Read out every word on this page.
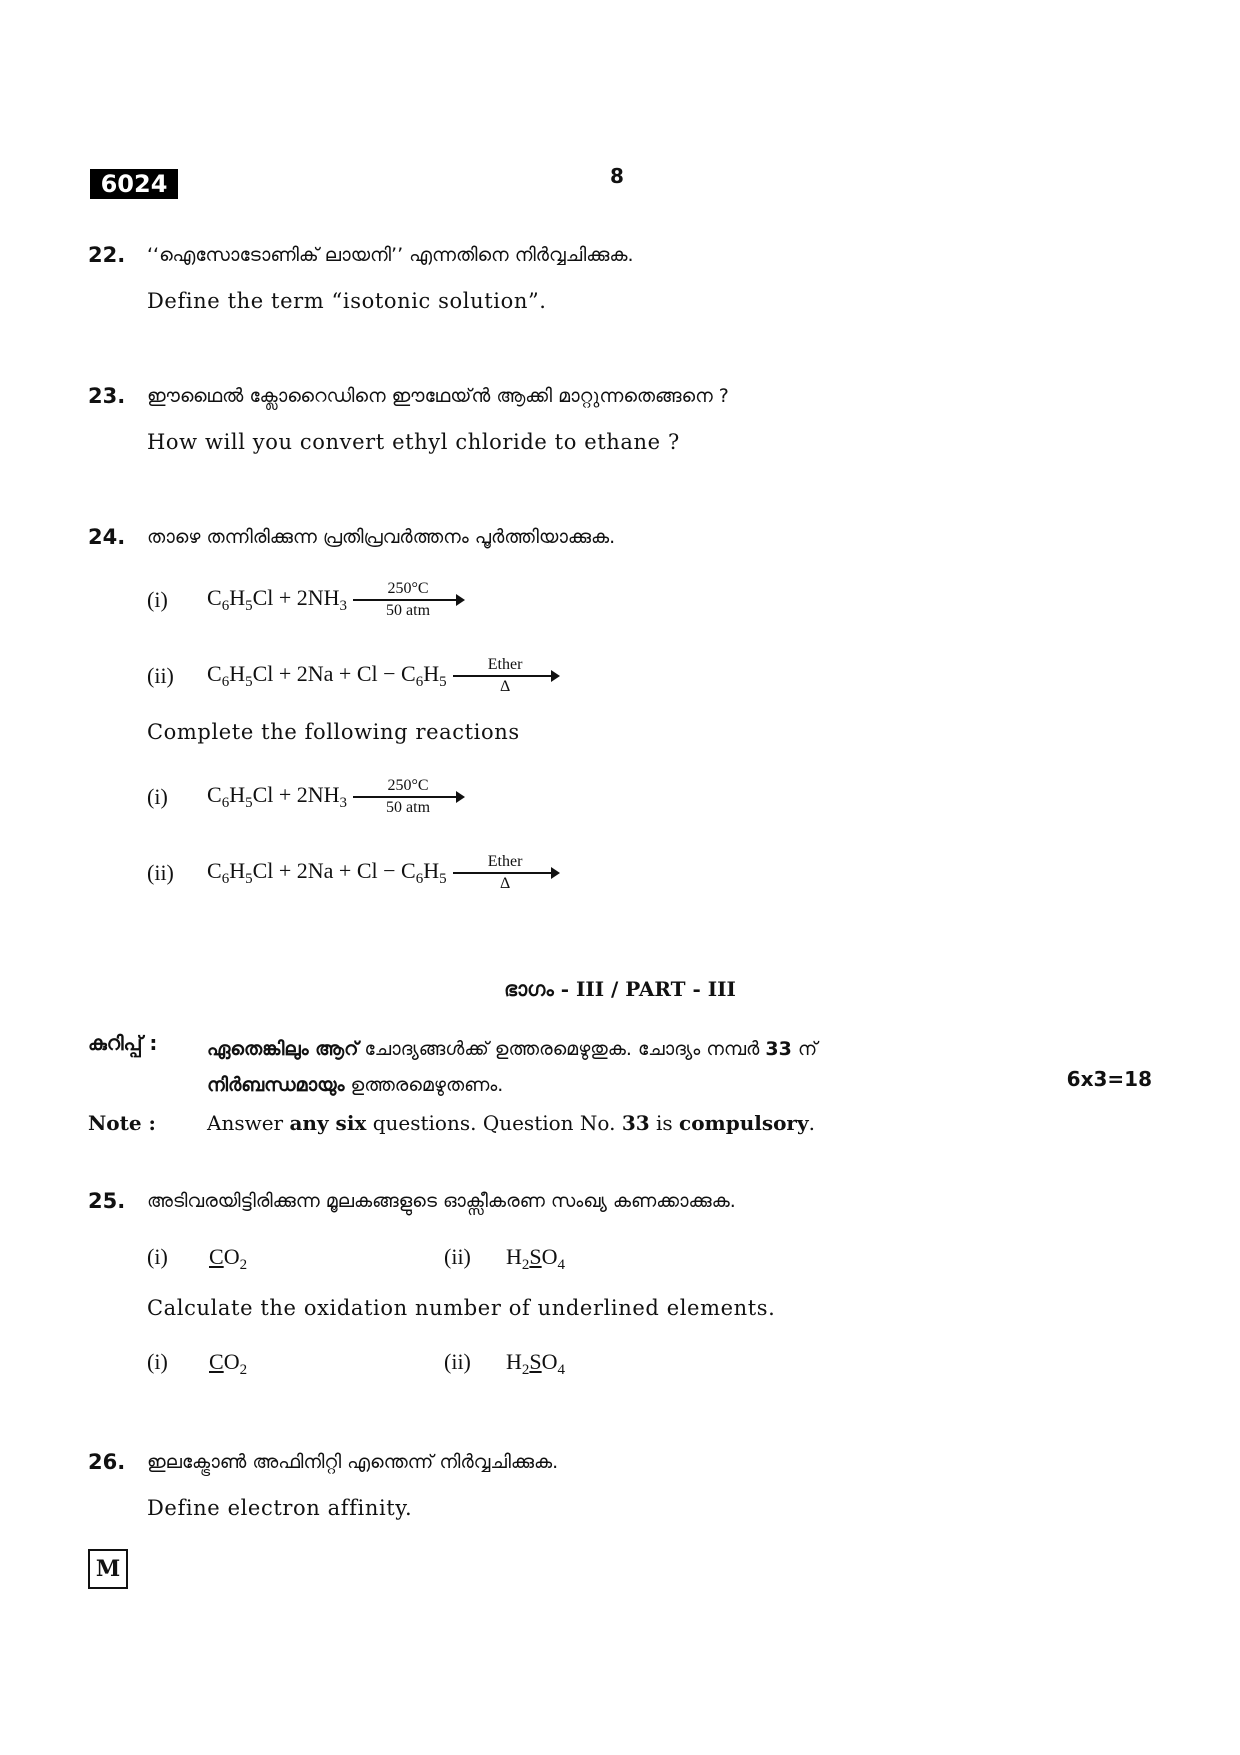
6024	8
22. ‘‘ഐസോടോണിക് ലായനി’’ എന്നതിനെ നിർവ്വചിക്കുക.
Define the term “isotonic solution”.
23. ഈഥൈൽ ക്ലോറൈഡിനെ ഈഥേയ്ൻ ആക്കി മാറ്റുന്നതെങ്ങനെ ?
How will you convert ethyl chloride to ethane ?
24. താഴെ തന്നിരിക്കുന്ന പ്രതിപ്രവർത്തനം പൂർത്തിയാക്കുക.
(i)	$C_6H_5Cl + 2NH_3$
250°C
50 atm
(ii)	$C_6H_5Cl + 2Na + Cl - C_6H_5$
Ether
Δ
Complete the following reactions
(i)	$C_6H_5Cl + 2NH_3$
250°C
50 atm
(ii)	$C_6H_5Cl + 2Na + Cl - C_6H_5$
Ether
Δ
ഭാഗം - III / PART - III
കുറിപ്പ് :	ഏതെങ്കിലും ആറ് ചോദ്യങ്ങൾക്ക് ഉത്തരമെഴുതുക. ചോദ്യം നമ്പർ 33 ന്
നിർബന്ധമായും ഉത്തരമെഴുതണം.	6x3=18
Note :	Answer any six questions. Question No. 33 is compulsory.
25. അടിവരയിട്ടിരിക്കുന്ന മൂലകങ്ങളുടെ ഓക്സീകരണ സംഖ്യ കണക്കാക്കുക.
(i) $CO_2$	(ii) $H_2SO_4$
Calculate the oxidation number of underlined elements.
(i) $CO_2$	(ii) $H_2SO_4$
26. ഇലക്ട്രോൺ അഫിനിറ്റി എന്തെന്ന് നിർവ്വചിക്കുക.
Define electron affinity.
M
